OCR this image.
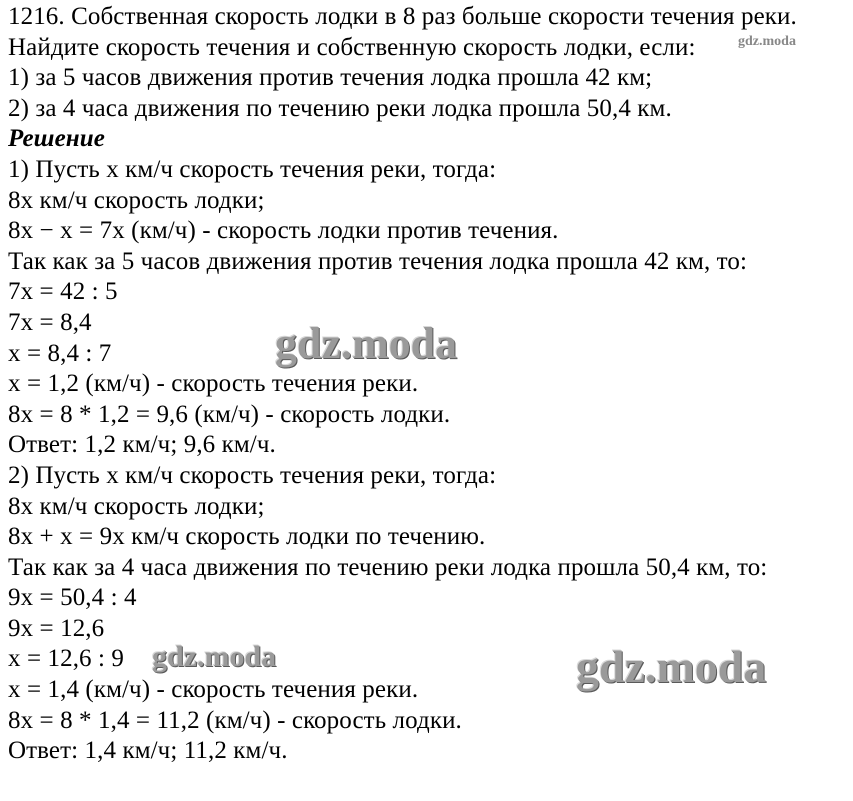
1216. Собственная скорость лодки в 8 раз больше скорости течения реки.
Найдите скорость течения и собственную скорость лодки, если:
1) за 5 часов движения против течения лодка прошла 42 км;
2) за 4 часа движения по течению реки лодка прошла 50,4 км.
Решение
1) Пусть x км/ч скорость течения реки, тогда:
8x км/ч скорость лодки;
8x − x = 7x (км/ч) - скорость лодки против течения.
Так как за 5 часов движения против течения лодка прошла 42 км, то:
7x = 42 : 5
7x = 8,4
x = 8,4 : 7
x = 1,2 (км/ч) - скорость течения реки.
8x = 8 * 1,2 = 9,6 (км/ч) - скорость лодки.
Ответ: 1,2 км/ч; 9,6 км/ч.
2) Пусть x км/ч скорость течения реки, тогда:
8x км/ч скорость лодки;
8x + x = 9x км/ч скорость лодки по течению.
Так как за 4 часа движения по течению реки лодка прошла 50,4 км, то:
9x = 50,4 : 4
9x = 12,6
x = 12,6 : 9
x = 1,4 (км/ч) - скорость течения реки.
8x = 8 * 1,4 = 11,2 (км/ч) - скорость лодки.
Ответ: 1,4 км/ч; 11,2 км/ч.
gdz.moda
gdz.moda
gdz.moda	gdz.moda
